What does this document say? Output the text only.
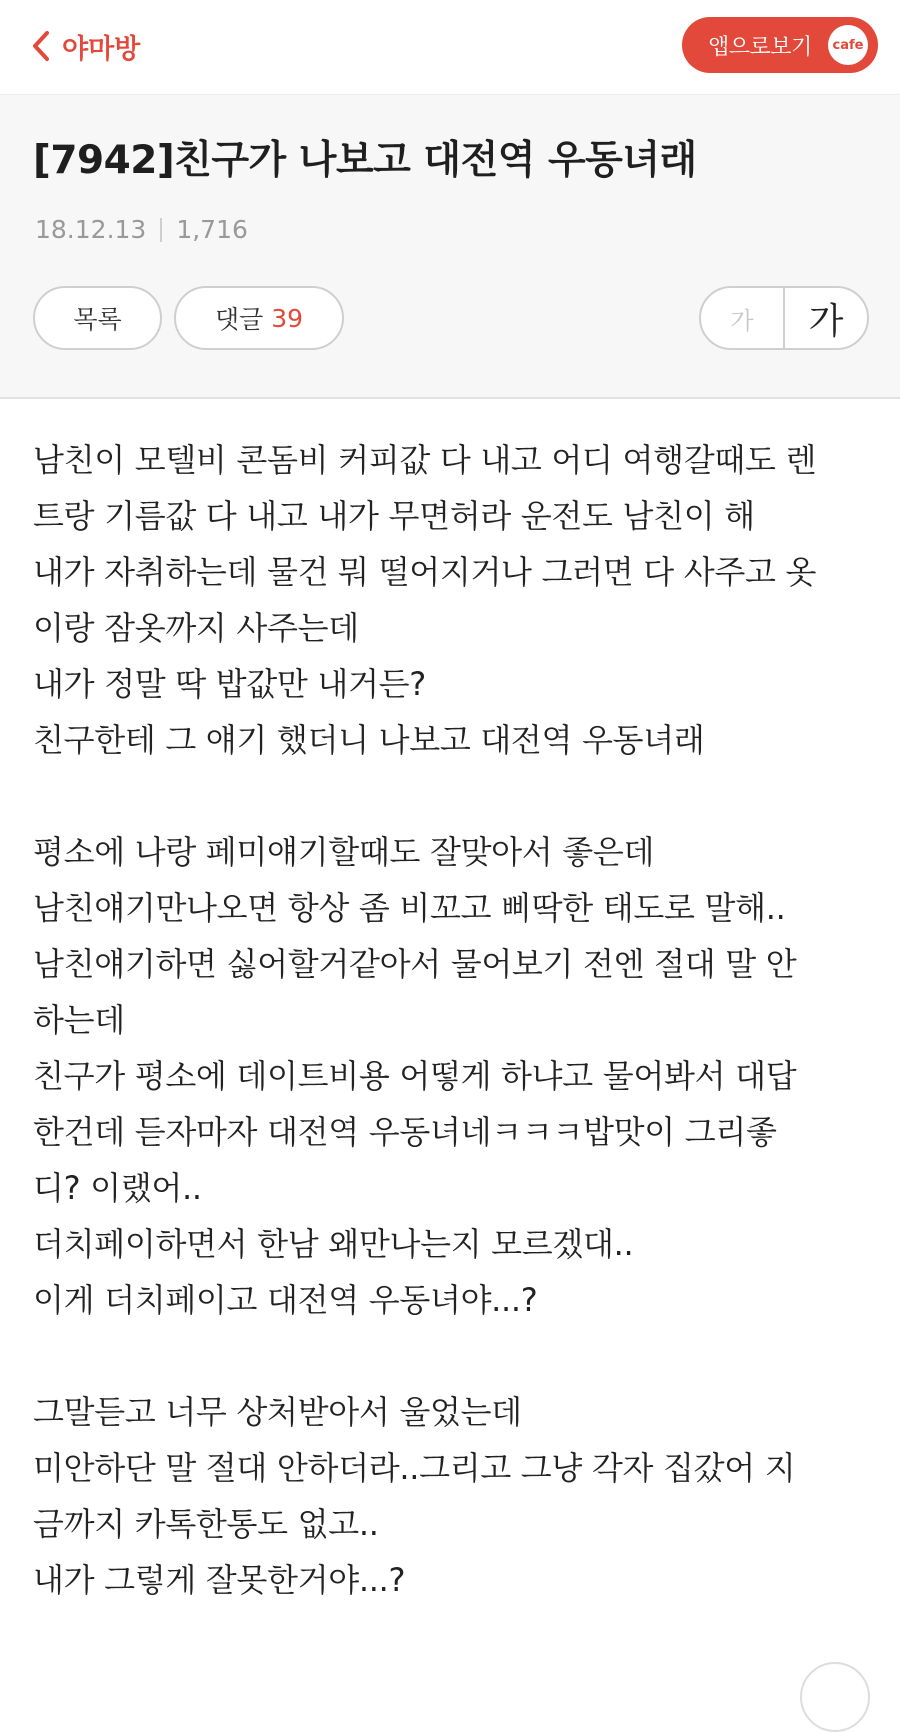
야마방	앱으로보기	cafe
[7942]친구가 나보고 대전역 우동녀래
18.12.13 1,716
목록	댓글 39	가	가
남친이 모텔비 콘돔비 커피값 다 내고 어디 여행갈때도 렌
트랑 기름값 다 내고 내가 무면허라 운전도 남친이 해
내가 자취하는데 물건 뭐 떨어지거나 그러면 다 사주고 옷
이랑 잠옷까지 사주는데
내가 정말 딱 밥값만 내거든?
친구한테 그 얘기 했더니 나보고 대전역 우동녀래
평소에 나랑 페미얘기할때도 잘맞아서 좋은데
남친얘기만나오면 항상 좀 비꼬고 삐딱한 태도로 말해..
남친얘기하면 싫어할거같아서 물어보기 전엔 절대 말 안
하는데
친구가 평소에 데이트비용 어떻게 하냐고 물어봐서 대답
한건데 듣자마자 대전역 우동녀네ㅋㅋㅋ밥맛이 그리좋
디? 이랬어..
더치페이하면서 한남 왜만나는지 모르겠대..
이게 더치페이고 대전역 우동녀야...?
그말듣고 너무 상처받아서 울었는데
미안하단 말 절대 안하더라..그리고 그냥 각자 집갔어 지
금까지 카톡한통도 없고..
내가 그렇게 잘못한거야...?
